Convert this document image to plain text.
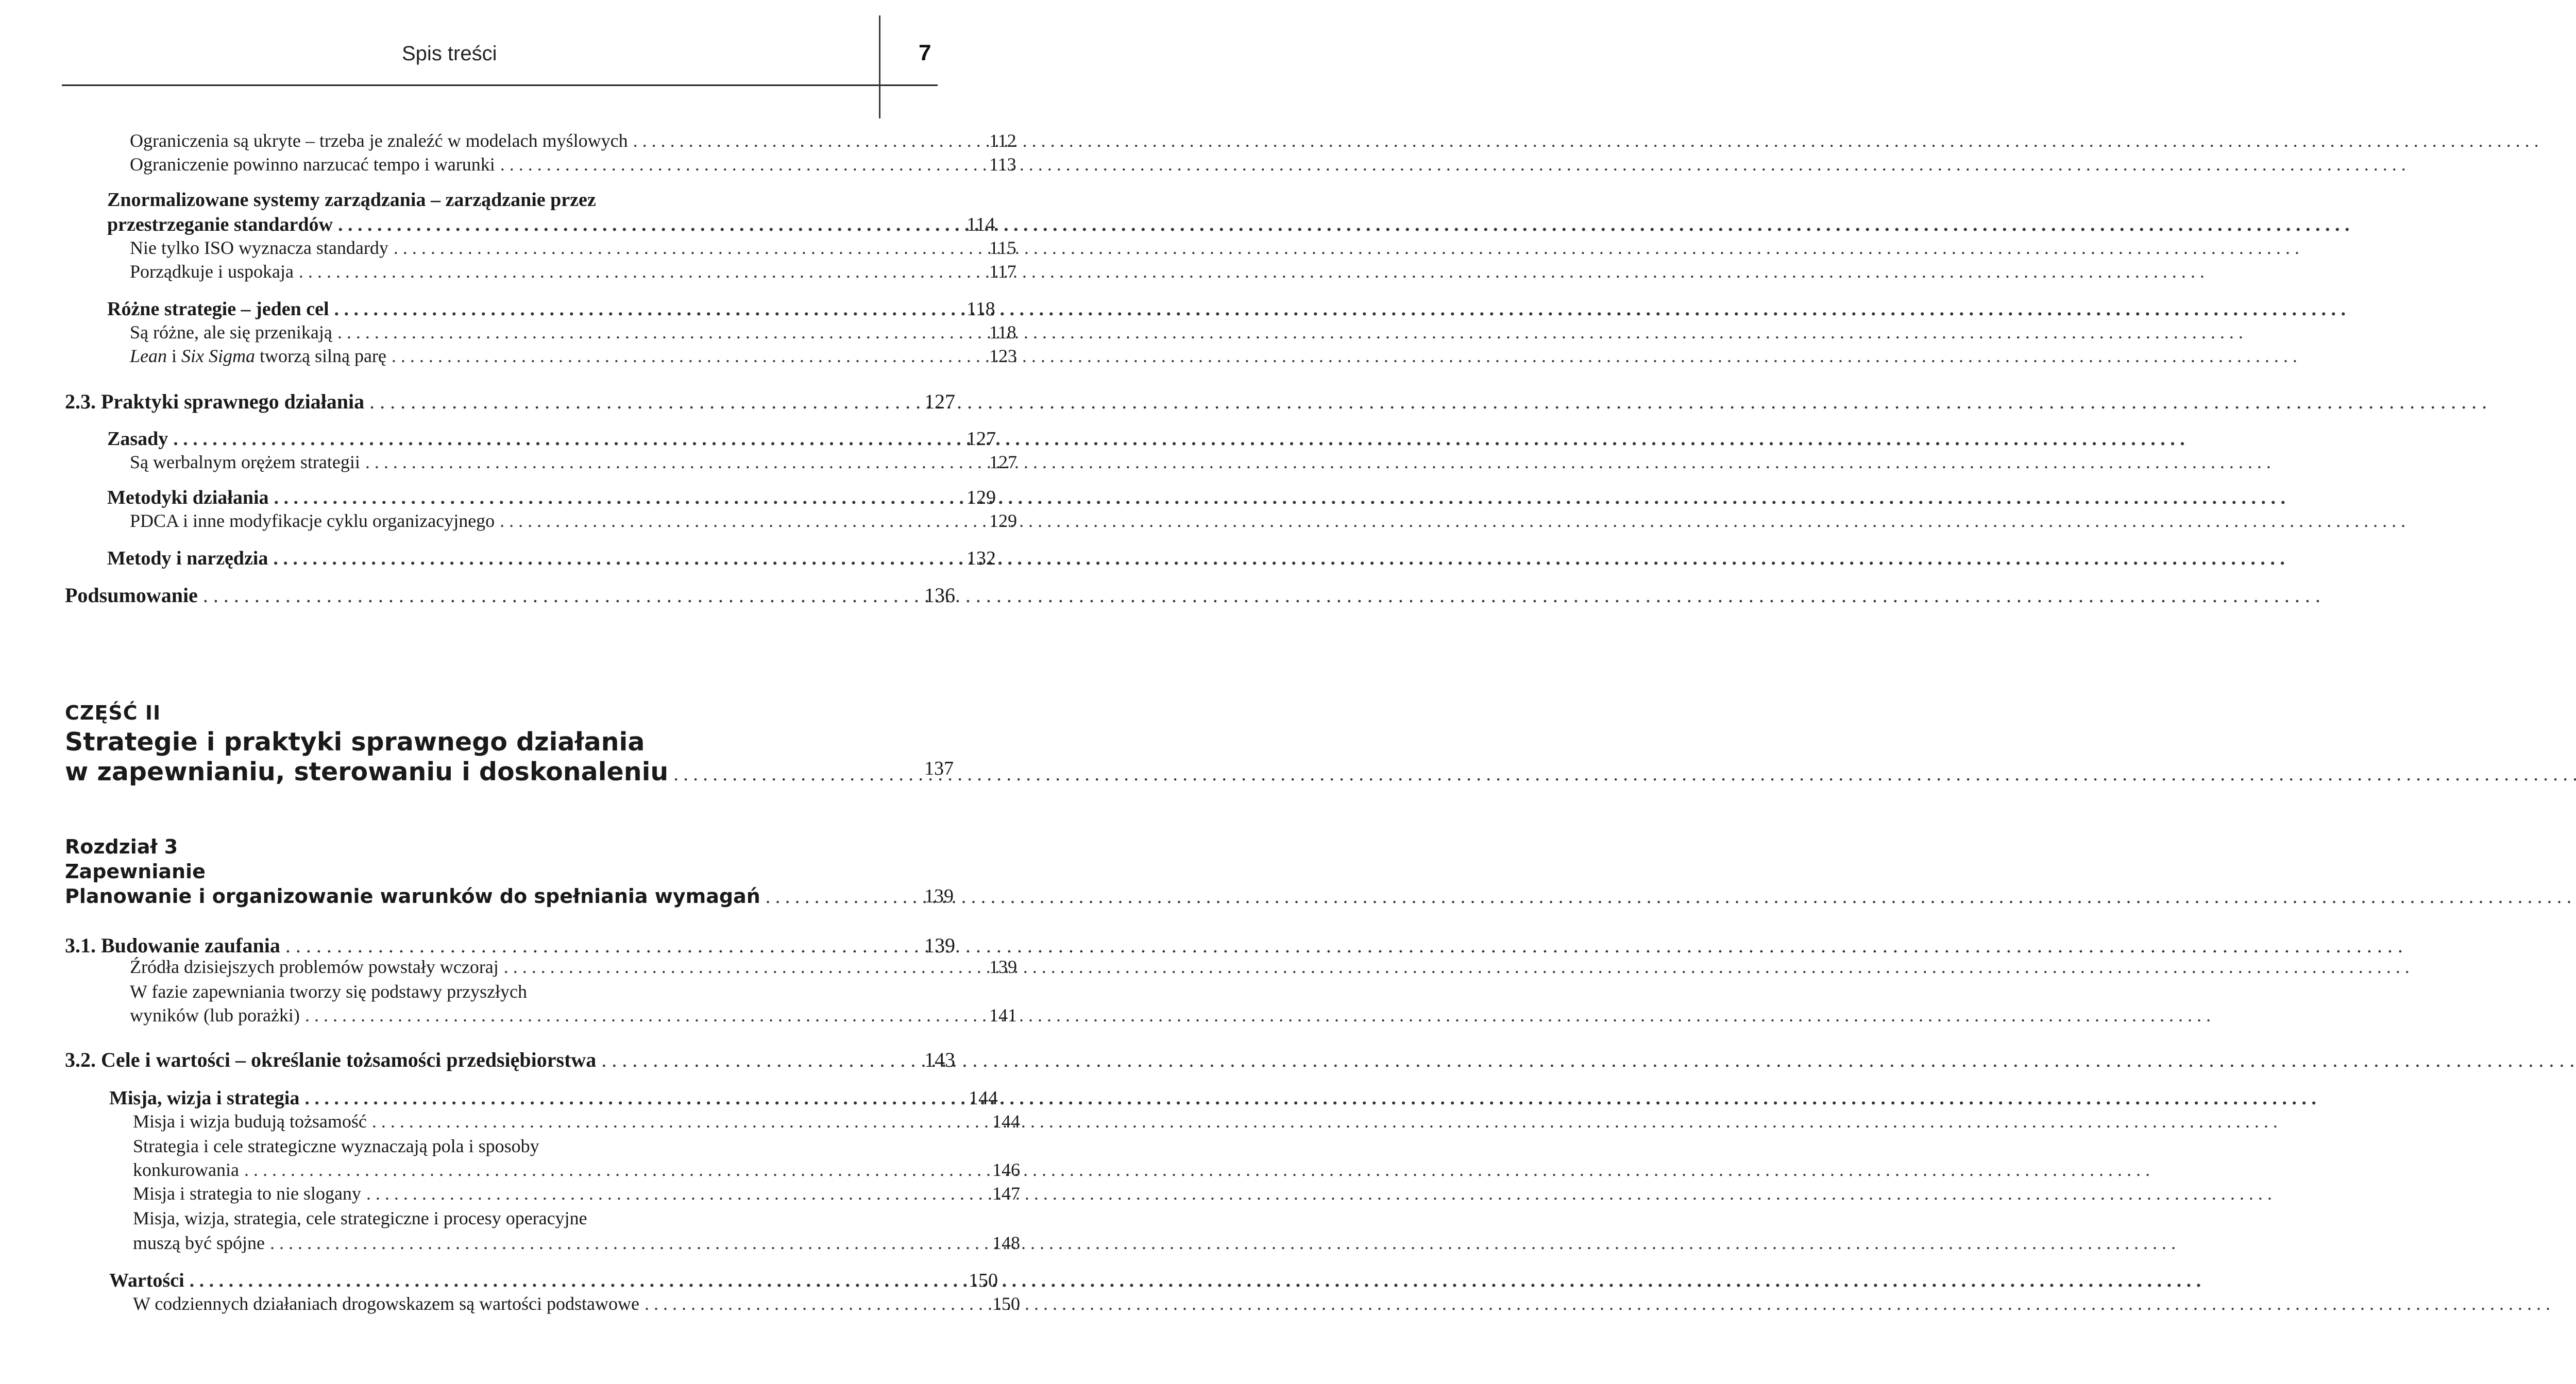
Spis treści	7
Ograniczenia są ukryte – trzeba je znaleźć w modelach myślowych . . .	112
Ograniczenie powinno narzucać tempo i warunki . . .	113
Znormalizowane systemy zarządzania – zarządzanie przez
przestrzeganie standardów . . .	114
Nie tylko ISO wyznacza standardy . . .	115
Porządkuje i uspokaja . . .	117
Różne strategie – jeden cel . . .	118
Są różne, ale się przenikają . . .	118
Lean i Six Sigma tworzą silną parę . . .	123
2.3. Praktyki sprawnego działania . . .	127
Zasady . . .	127
Są werbalnym orężem strategii . . .	127
Metodyki działania . . .	129
PDCA i inne modyfikacje cyklu organizacyjnego . . .	129
Metody i narzędzia . . .	132
Podsumowanie . . .	136
CZĘŚĆ II
Strategie i praktyki sprawnego działania
w zapewnianiu, sterowaniu i doskonaleniu . . .	137
Rozdział 3
Zapewnianie
Planowanie i organizowanie warunków do spełniania wymagań . . .	139
3.1. Budowanie zaufania . . .	139
Źródła dzisiejszych problemów powstały wczoraj . . .	139
W fazie zapewniania tworzy się podstawy przyszłych
wyników (lub porażki) . . .	141
3.2. Cele i wartości – określanie tożsamości przedsiębiorstwa . . .	143
Misja, wizja i strategia . . .	144
Misja i wizja budują tożsamość . . .	144
Strategia i cele strategiczne wyznaczają pola i sposoby
konkurowania . . .	146
Misja i strategia to nie slogany . . .	147
Misja, wizja, strategia, cele strategiczne i procesy operacyjne
muszą być spójne . . .	148
Wartości . . .	150
W codziennych działaniach drogowskazem są wartości podstawowe . . .	150
